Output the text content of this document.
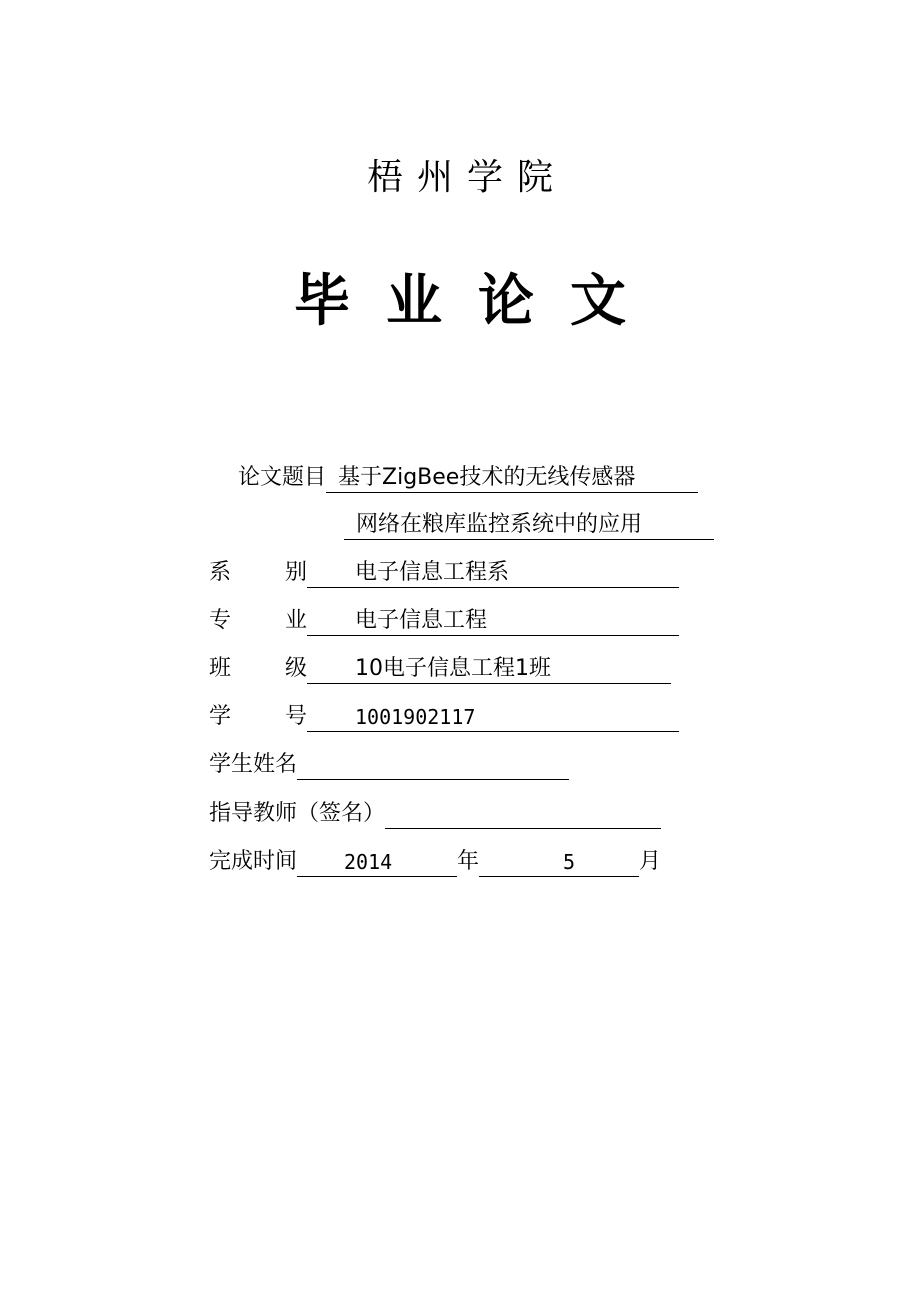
梧州学院
毕业论文
论文题目 基于ZigBee技术的无线传感器
网络在粮库监控系统中的应用
系 别 电子信息工程系
专 业 电子信息工程
班 级 10电子信息工程1班
学 号 1001902117
学生姓名
指导教师（签名）
完成时间 2014	年	5	月
